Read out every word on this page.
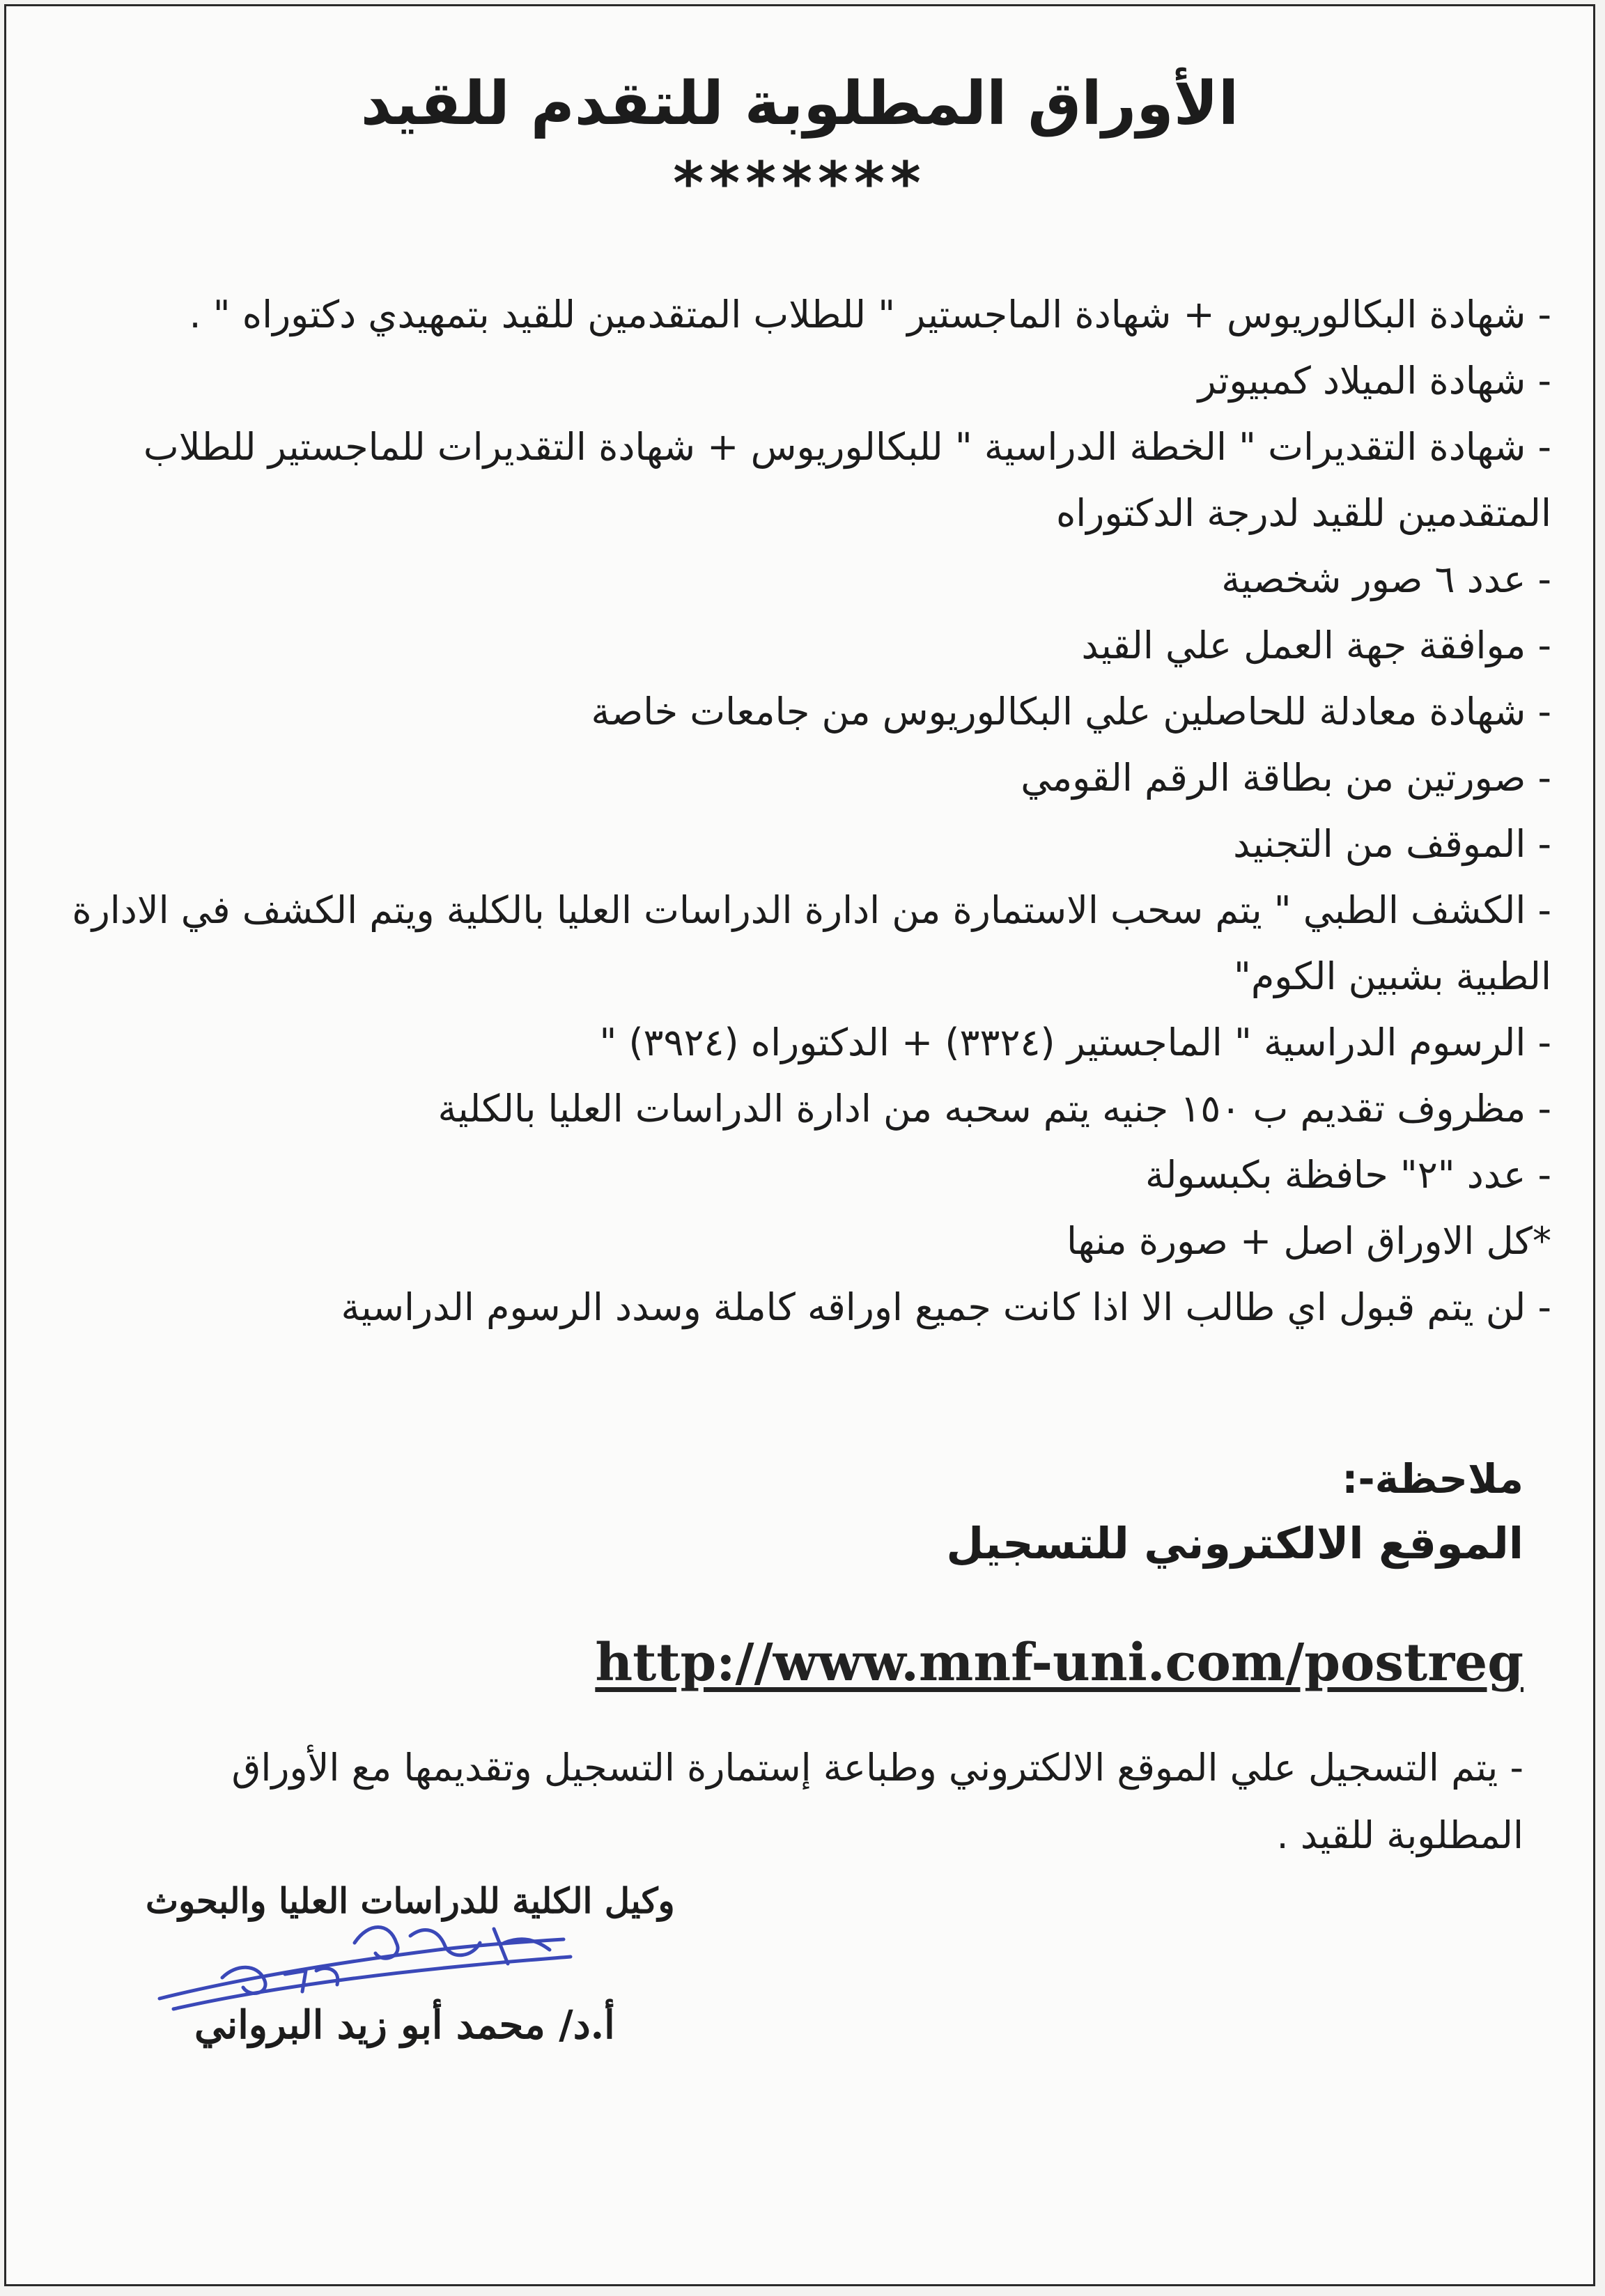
الأوراق المطلوبة للتقدم للقيد
*******
- شهادة البكالوريوس + شهادة الماجستير " للطلاب المتقدمين للقيد بتمهيدي دكتوراه " .
- شهادة الميلاد كمبيوتر
- شهادة التقديرات " الخطة الدراسية " للبكالوريوس + شهادة التقديرات للماجستير للطلاب المتقدمين للقيد لدرجة الدكتوراه
- عدد ٦ صور شخصية
- موافقة جهة العمل علي القيد
- شهادة معادلة للحاصلين علي البكالوريوس من جامعات خاصة
- صورتين من بطاقة الرقم القومي
- الموقف من التجنيد
- الكشف الطبي " يتم سحب الاستمارة من ادارة الدراسات العليا بالكلية ويتم الكشف في الادارة الطبية بشبين الكوم"
- الرسوم الدراسية " الماجستير (٣٣٢٤) + الدكتوراه (٣٩٢٤) "
- مظروف تقديم ب ١٥٠ جنيه يتم سحبه من ادارة الدراسات العليا بالكلية
- عدد "٢" حافظة بكبسولة
*كل الاوراق اصل + صورة منها
- لن يتم قبول اي طالب الا اذا كانت جميع اوراقه كاملة وسدد الرسوم الدراسية
ملاحظة-:
الموقع الالكتروني للتسجيل
http://www.mnf-uni.com/postreg

- يتم التسجيل علي الموقع الالكتروني وطباعة إستمارة التسجيل وتقديمها مع الأوراق المطلوبة للقيد .

وكيل الكلية للدراسات العليا والبحوث
أ.د/ محمد أبو زيد البرواني
